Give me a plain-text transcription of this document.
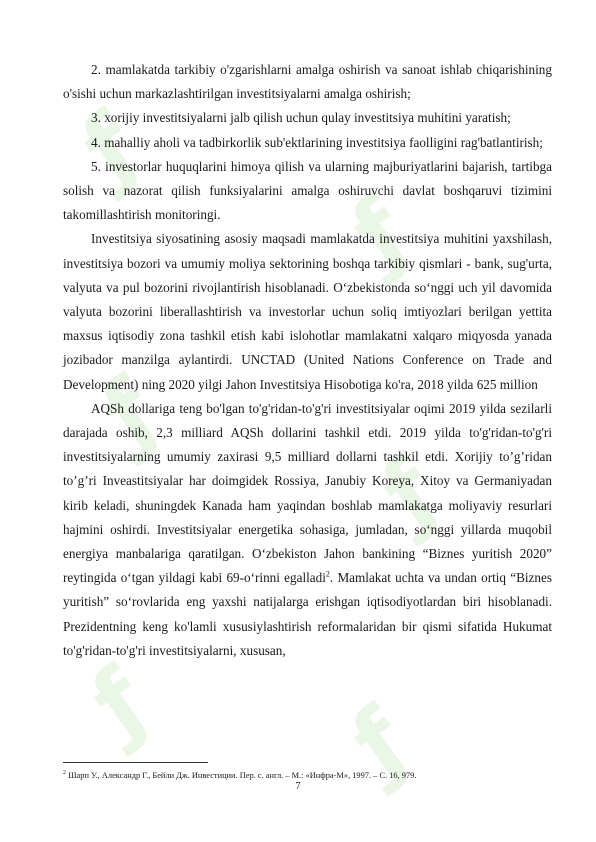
ƒ
ƒ
ƒ
ƒ
ƒ ƒ

2. mamlakatda tarkibiy o'zgarishlarni amalga oshirish va sanoat ishlab chiqarishining o'sishi uchun markazlashtirilgan investitsiyalarni amalga oshirish;

3. xorijiy investitsiyalarni jalb qilish uchun qulay investitsiya muhitini yaratish;

4. mahalliy aholi va tadbirkorlik sub'ektlarining investitsiya faolligini rag'batlantirish;

5. investorlar huquqlarini himoya qilish va ularning majburiyatlarini bajarish, tartibga solish va nazorat qilish funksiyalarini amalga oshiruvchi davlat boshqaruvi tizimini takomillashtirish monitoringi.

Investitsiya siyosatining asosiy maqsadi mamlakatda investitsiya muhitini yaxshilash, investitsiya bozori va umumiy moliya sektorining boshqa tarkibiy qismlari - bank, sug'urta, valyuta va pul bozorini rivojlantirish hisoblanadi. O‘zbekistonda so‘nggi uch yil davomida valyuta bozorini liberallashtirish va investorlar uchun soliq imtiyozlari berilgan yettita maxsus iqtisodiy zona tashkil etish kabi islohotlar mamlakatni xalqaro miqyosda yanada jozibador manzilga aylantirdi. UNCTAD (United Nations Conference on Trade and Development) ning 2020 yilgi Jahon Investitsiya Hisobotiga ko'ra, 2018 yilda 625 million

AQSh dollariga teng bo'lgan to'g'ridan-to'g'ri investitsiyalar oqimi 2019 yilda sezilarli darajada oshib, 2,3 milliard AQSh dollarini tashkil etdi. 2019 yilda to'g'ridan-to'g'ri investitsiyalarning umumiy zaxirasi 9,5 milliard dollarni tashkil etdi. Xorijiy to’g’ridan to’g’ri Inveastitsiyalar har doimgidek Rossiya, Janubiy Koreya, Xitoy va Germaniyadan kirib keladi, shuningdek Kanada ham yaqindan boshlab mamlakatga moliyaviy resurlari hajmini oshirdi. Investitsiyalar energetika sohasiga, jumladan, so‘nggi yillarda muqobil energiya manbalariga qaratilgan. O‘zbekiston Jahon bankining “Biznes yuritish 2020” reytingida o‘tgan yildagi kabi 69-o‘rinni egalladi$^2$. Mamlakat uchta va undan ortiq “Biznes yuritish” so‘rovlarida eng yaxshi natijalarga erishgan iqtisodiyotlardan biri hisoblanadi. Prezidentning keng ko'lamli xususiylashtirish reformalaridan bir qismi sifatida Hukumat to'g'ridan-to'g'ri investitsiyalarni, xususan,

$^2$ Шарп У., Александр Г., Бейли Дж. Инвестиции. Пер. с. англ. – М.: «Инфра-М», 1997. – С. 16, 979.
7
